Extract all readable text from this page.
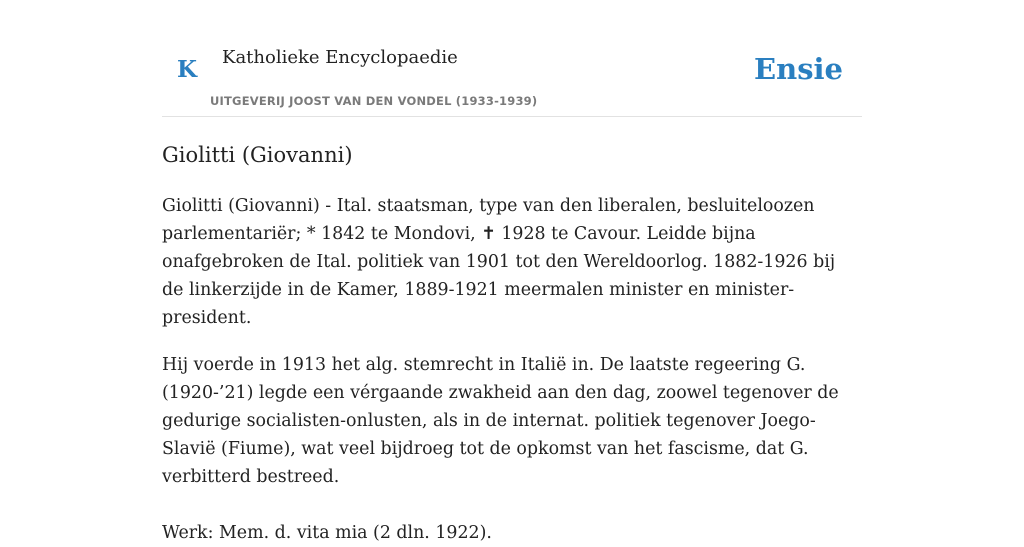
K Katholieke Encyclopaedie
UITGEVERIJ JOOST VAN DEN VONDEL (1933-1939)
Ensie
Giolitti (Giovanni)

Giolitti (Giovanni) - Ital. staatsman, type van den liberalen, besluiteloozen parlementariër; * 1842 te Mondovi, ✝ 1928 te Cavour. Leidde bijna onafgebroken de Ital. politiek van 1901 tot den Wereldoorlog. 1882-1926 bij de linkerzijde in de Kamer, 1889-1921 meermalen minister en minister-president.

Hij voerde in 1913 het alg. stemrecht in Italië in. De laatste regeering G. (1920-’21) legde een vérgaande zwakheid aan den dag, zoowel tegenover de gedurige socialisten-onlusten, als in de internat. politiek tegenover Joego-Slavië (Fiume), wat veel bijdroeg tot de opkomst van het fascisme, dat G. verbitterd bestreed.

Werk: Mem. d. vita mia (2 dln. 1922).
